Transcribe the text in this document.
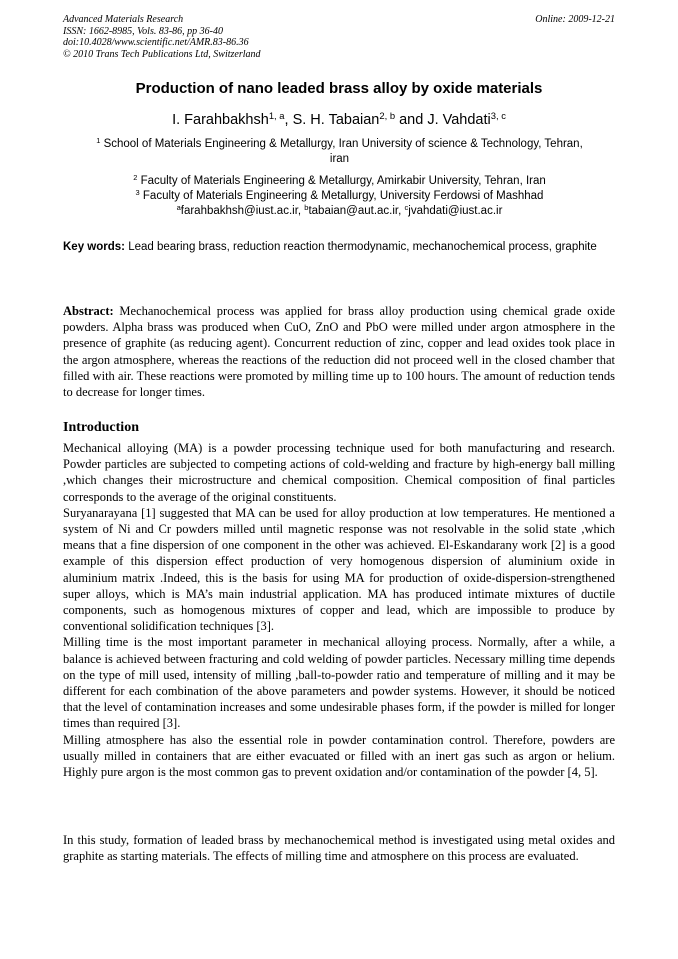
Advanced Materials Research
ISSN: 1662-8985, Vols. 83-86, pp 36-40
doi:10.4028/www.scientific.net/AMR.83-86.36
© 2010 Trans Tech Publications Ltd, Switzerland
Online: 2009-12-21
Production of nano leaded brass alloy by oxide materials
I. Farahbakhsh$^{1, a}$, S. H. Tabaian$^{2, b}$ and J. Vahdati$^{3, c}$
$^1$ School of Materials Engineering & Metallurgy, Iran University of science & Technology, Tehran,
iran
$^2$ Faculty of Materials Engineering & Metallurgy, Amirkabir University, Tehran, Iran
$^3$ Faculty of Materials Engineering & Metallurgy, University Ferdowsi of Mashhad
$^a$farahbakhsh@iust.ac.ir, $^b$tabaian@aut.ac.ir, $^c$jvahdati@iust.ac.ir
Key words: Lead bearing brass, reduction reaction thermodynamic, mechanochemical process, graphite

Abstract: Mechanochemical process was applied for brass alloy production using chemical grade oxide powders. Alpha brass was produced when CuO, ZnO and PbO were milled under argon atmosphere in the presence of graphite (as reducing agent). Concurrent reduction of zinc, copper and lead oxides took place in the argon atmosphere, whereas the reactions of the reduction did not proceed well in the closed chamber that filled with air. These reactions were promoted by milling time up to 100 hours. The amount of reduction tends to decrease for longer times.

Introduction

Mechanical alloying (MA) is a powder processing technique used for both manufacturing and research. Powder particles are subjected to competing actions of cold-welding and fracture by high-energy ball milling ,which changes their microstructure and chemical composition. Chemical composition of final particles corresponds to the average of the original constituents.

Suryanarayana [1] suggested that MA can be used for alloy production at low temperatures. He mentioned a system of Ni and Cr powders milled until magnetic response was not resolvable in the solid state ,which means that a fine dispersion of one component in the other was achieved. El-Eskandarany work [2] is a good example of this dispersion effect production of very homogenous dispersion of aluminium oxide in aluminium matrix .Indeed, this is the basis for using MA for production of oxide-dispersion-strengthened super alloys, which is MA’s main industrial application. MA has produced intimate mixtures of ductile components, such as homogenous mixtures of copper and lead, which are impossible to produce by conventional solidification techniques [3].

Milling time is the most important parameter in mechanical alloying process. Normally, after a while, a balance is achieved between fracturing and cold welding of powder particles. Necessary milling time depends on the type of mill used, intensity of milling ,ball-to-powder ratio and temperature of milling and it may be different for each combination of the above parameters and powder systems. However, it should be noticed that the level of contamination increases and some undesirable phases form, if the powder is milled for longer times than required [3].

Milling atmosphere has also the essential role in powder contamination control. Therefore, powders are usually milled in containers that are either evacuated or filled with an inert gas such as argon or helium. Highly pure argon is the most common gas to prevent oxidation and/or contamination of the powder [4, 5].

In this study, formation of leaded brass by mechanochemical method is investigated using metal oxides and graphite as starting materials. The effects of milling time and atmosphere on this process are evaluated.
